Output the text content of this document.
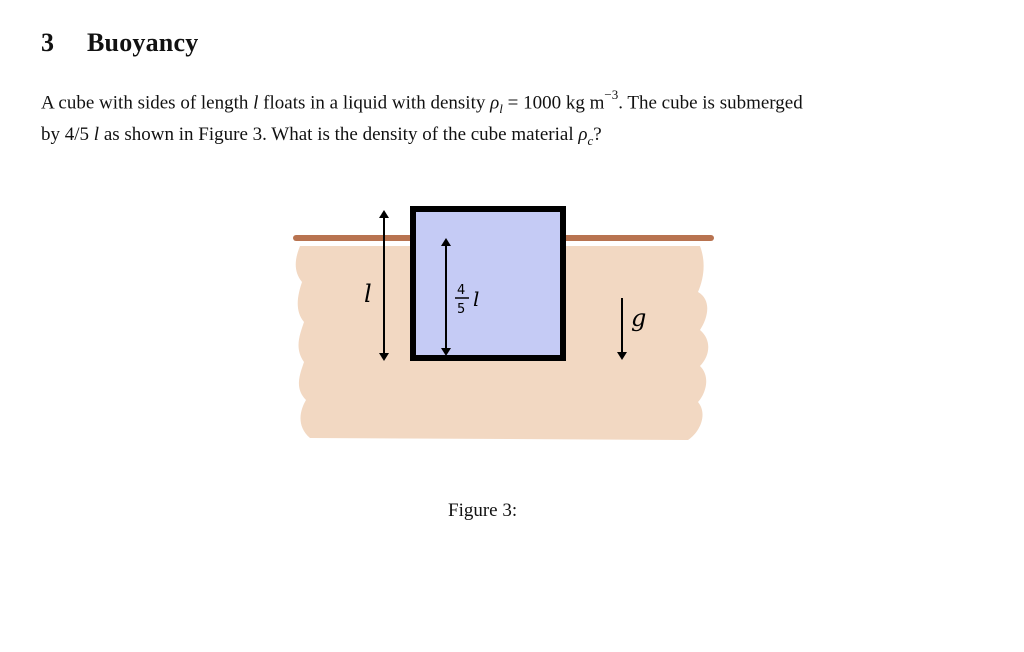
3 Buoyancy
A cube with sides of length l floats in a liquid with density $\rho_l = 1000$ kg $m^{-3}$. The cube is submerged
by 4/5 l as shown in Figure 3. What is the density of the cube material $\rho_c$?
l	4
5 l
g
Figure 3:
